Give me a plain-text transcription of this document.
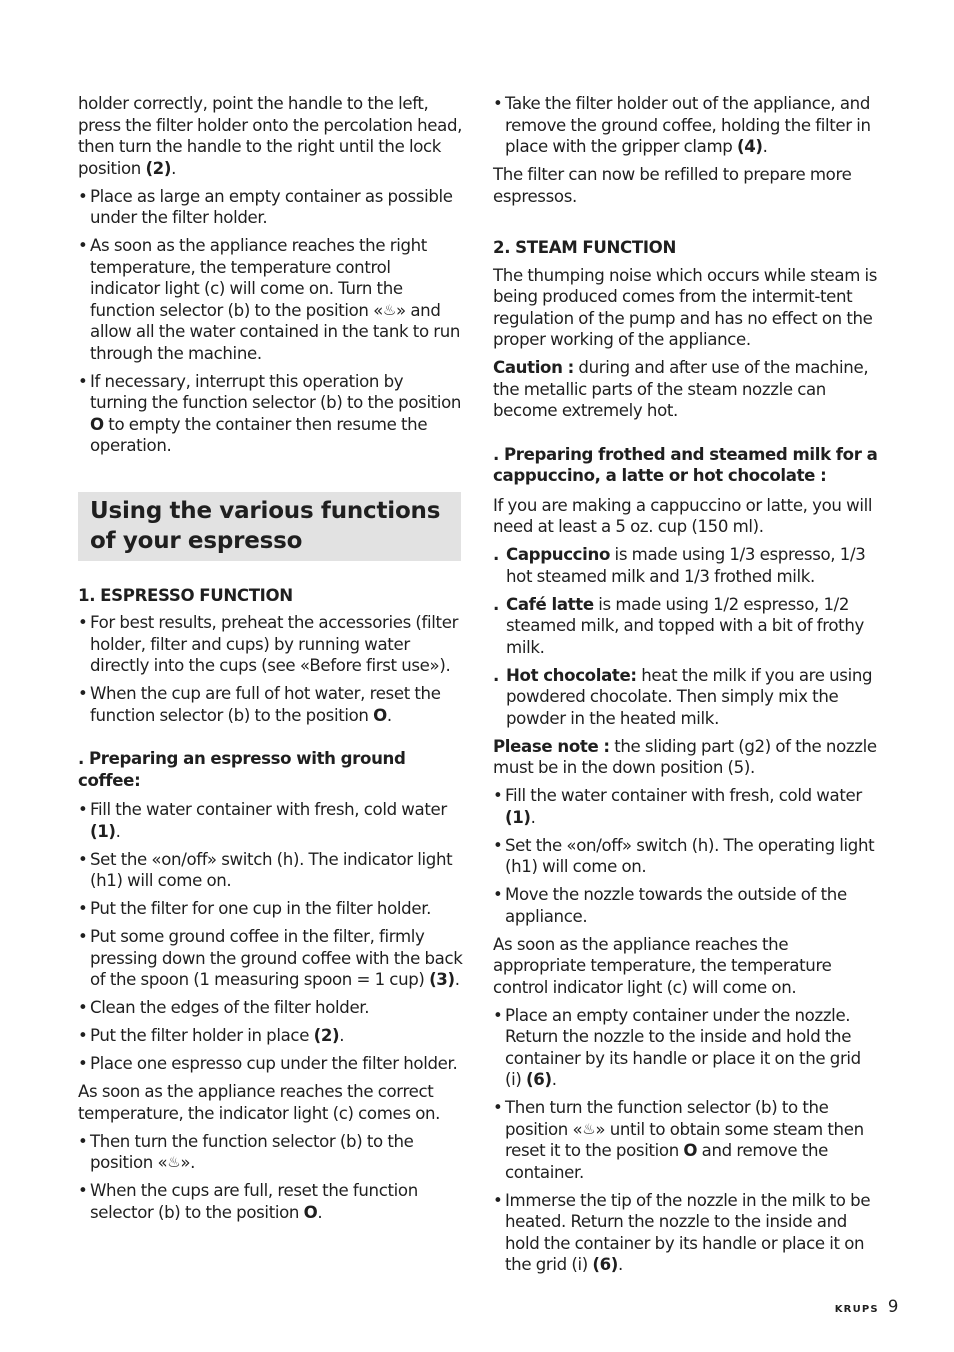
holder correctly, point the handle to the left, press the filter holder onto the percolation head, then turn the handle to the right until the lock position (2).

• Place as large an empty container as possible under the filter holder.
• As soon as the appliance reaches the right temperature, the temperature control indicator light (c) will come on. Turn the function selector (b) to the position «♨» and allow all the water contained in the tank to run through the machine.
• If necessary, interrupt this operation by turning the function selector (b) to the position O to empty the container then resume the operation.
Using the various functions of your espresso
1. ESPRESSO FUNCTION
• For best results, preheat the accessories (filter holder, filter and cups) by running water directly into the cups (see «Before first use»).
• When the cup are full of hot water, reset the function selector (b) to the position O.
. Preparing an espresso with ground coffee:
• Fill the water container with fresh, cold water (1).
• Set the «on/off» switch (h). The indicator light (h1) will come on.
• Put the filter for one cup in the filter holder.
• Put some ground coffee in the filter, firmly pressing down the ground coffee with the back of the spoon (1 measuring spoon = 1 cup) (3).
• Clean the edges of the filter holder.
• Put the filter holder in place (2).
• Place one espresso cup under the filter holder.

As soon as the appliance reaches the correct temperature, the indicator light (c) comes on.

• Then turn the function selector (b) to the position «♨».
• When the cups are full, reset the function selector (b) to the position O.
• Take the filter holder out of the appliance, and remove the ground coffee, holding the filter in place with the gripper clamp (4).

The filter can now be refilled to prepare more espressos.

2. STEAM FUNCTION

The thumping noise which occurs while steam is being produced comes from the intermit-tent regulation of the pump and has no effect on the proper working of the appliance.

Caution : during and after use of the machine, the metallic parts of the steam nozzle can become extremely hot.

. Preparing frothed and steamed milk for a cappuccino, a latte or hot chocolate :

If you are making a cappuccino or latte, you will need at least a 5 oz. cup (150 ml).

. Cappuccino is made using 1/3 espresso, 1/3 hot steamed milk and 1/3 frothed milk.
. Café latte is made using 1/2 espresso, 1/2 steamed milk, and topped with a bit of frothy milk.
. Hot chocolate: heat the milk if you are using powdered chocolate. Then simply mix the powder in the heated milk.

Please note : the sliding part (g2) of the nozzle must be in the down position (5).

• Fill the water container with fresh, cold water (1).
• Set the «on/off» switch (h). The operating light (h1) will come on.
• Move the nozzle towards the outside of the appliance.

As soon as the appliance reaches the appropriate temperature, the temperature control indicator light (c) will come on.

• Place an empty container under the nozzle. Return the nozzle to the inside and hold the container by its handle or place it on the grid (i) (6).
• Then turn the function selector (b) to the position «♨» until to obtain some steam then reset it to the position O and remove the container.
• Immerse the tip of the nozzle in the milk to be heated. Return the nozzle to the inside and hold the container by its handle or place it on the grid (i) (6).
KRUPS 9
